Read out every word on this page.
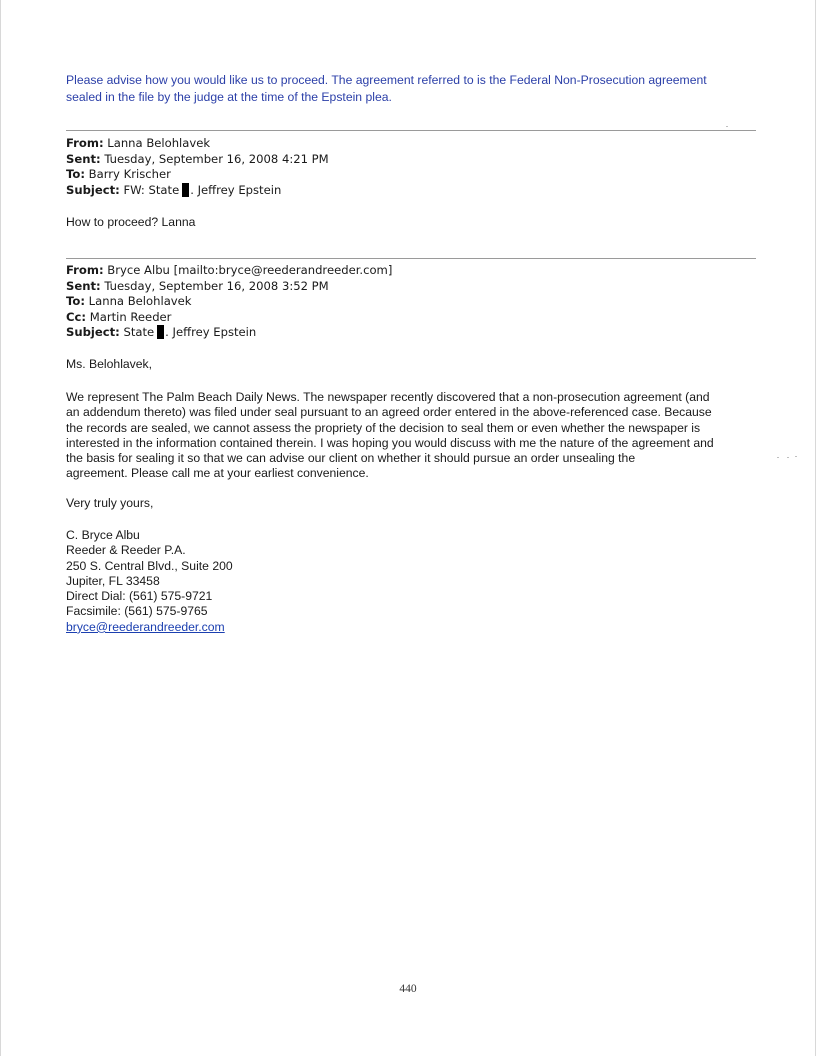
Please advise how you would like us to proceed. The agreement referred to is the Federal Non-Prosecution agreement
sealed in the file by the judge at the time of the Epstein plea.
From: Lanna Belohlavek
Sent: Tuesday, September 16, 2008 4:21 PM
To: Barry Krischer
Subject: FW: State . Jeffrey Epstein
How to proceed? Lanna
From: Bryce Albu [mailto:bryce@reederandreeder.com]
Sent: Tuesday, September 16, 2008 3:52 PM
To: Lanna Belohlavek
Cc: Martin Reeder
Subject: State . Jeffrey Epstein
Ms. Belohlavek,
We represent The Palm Beach Daily News. The newspaper recently discovered that a non-prosecution agreement (and
an addendum thereto) was filed under seal pursuant to an agreed order entered in the above-referenced case. Because
the records are sealed, we cannot assess the propriety of the decision to seal them or even whether the newspaper is
interested in the information contained therein. I was hoping you would discuss with me the nature of the agreement and
the basis for sealing it so that we can advise our client on whether it should pursue an order unsealing the
agreement. Please call me at your earliest convenience.
Very truly yours,
C. Bryce Albu
Reeder & Reeder P.A.
250 S. Central Blvd., Suite 200
Jupiter, FL 33458
Direct Dial: (561) 575-9721
Facsimile: (561) 575-9765
bryce@reederandreeder.com
440
